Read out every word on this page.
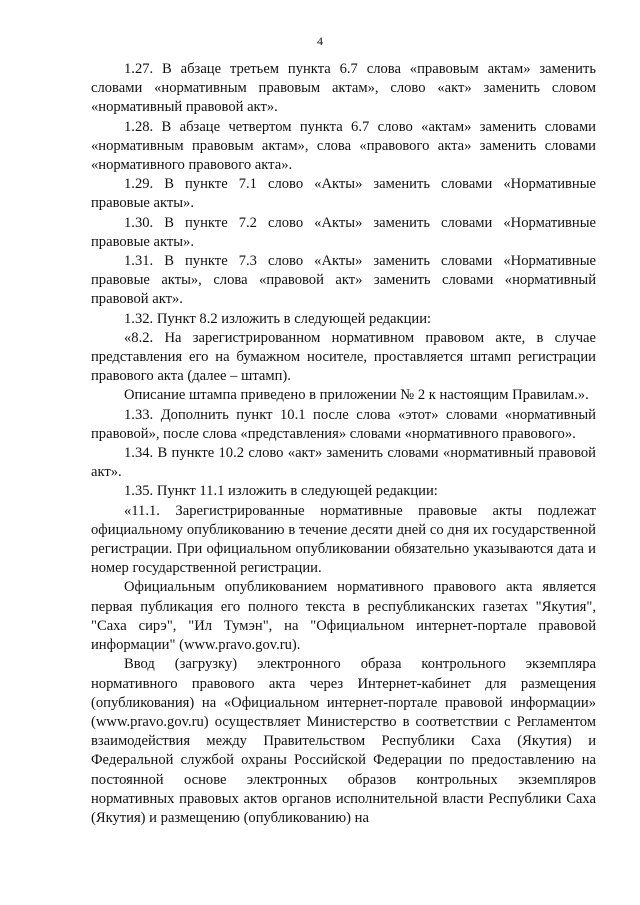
4

1.27. В абзаце третьем пункта 6.7 слова «правовым актам» заменить словами «нормативным правовым актам», слово «акт» заменить словом «нормативный правовой акт».

1.28. В абзаце четвертом пункта 6.7 слово «актам» заменить словами «нормативным правовым актам», слова «правового акта» заменить словами «нормативного правового акта».

1.29. В пункте 7.1 слово «Акты» заменить словами «Нормативные правовые акты».

1.30. В пункте 7.2 слово «Акты» заменить словами «Нормативные правовые акты».

1.31. В пункте 7.3 слово «Акты» заменить словами «Нормативные правовые акты», слова «правовой акт» заменить словами «нормативный правовой акт».

1.32. Пункт 8.2 изложить в следующей редакции:

«8.2. На зарегистрированном нормативном правовом акте, в случае представления его на бумажном носителе, проставляется штамп регистрации правового акта (далее – штамп).

Описание штампа приведено в приложении № 2 к настоящим Правилам.».

1.33. Дополнить пункт 10.1 после слова «этот» словами «нормативный правовой», после слова «представления» словами «нормативного правового».

1.34. В пункте 10.2 слово «акт» заменить словами «нормативный правовой акт».

1.35. Пункт 11.1 изложить в следующей редакции:

«11.1. Зарегистрированные нормативные правовые акты подлежат официальному опубликованию в течение десяти дней со дня их государственной регистрации. При официальном опубликовании обязательно указываются дата и номер государственной регистрации.

Официальным опубликованием нормативного правового акта является первая публикация его полного текста в республиканских газетах "Якутия", "Саха сирэ", "Ил Тумэн", на "Официальном интернет-портале правовой информации" (www.pravo.gov.ru).

Ввод (загрузку) электронного образа контрольного экземпляра нормативного правового акта через Интернет-кабинет для размещения (опубликования) на «Официальном интернет-портале правовой информации» (www.pravo.gov.ru) осуществляет Министерство в соответствии с Регламентом взаимодействия между Правительством Республики Саха (Якутия) и Федеральной службой охраны Российской Федерации по предоставлению на постоянной основе электронных образов контрольных экземпляров нормативных правовых актов органов исполнительной власти Республики Саха (Якутия) и размещению (опубликованию) на
